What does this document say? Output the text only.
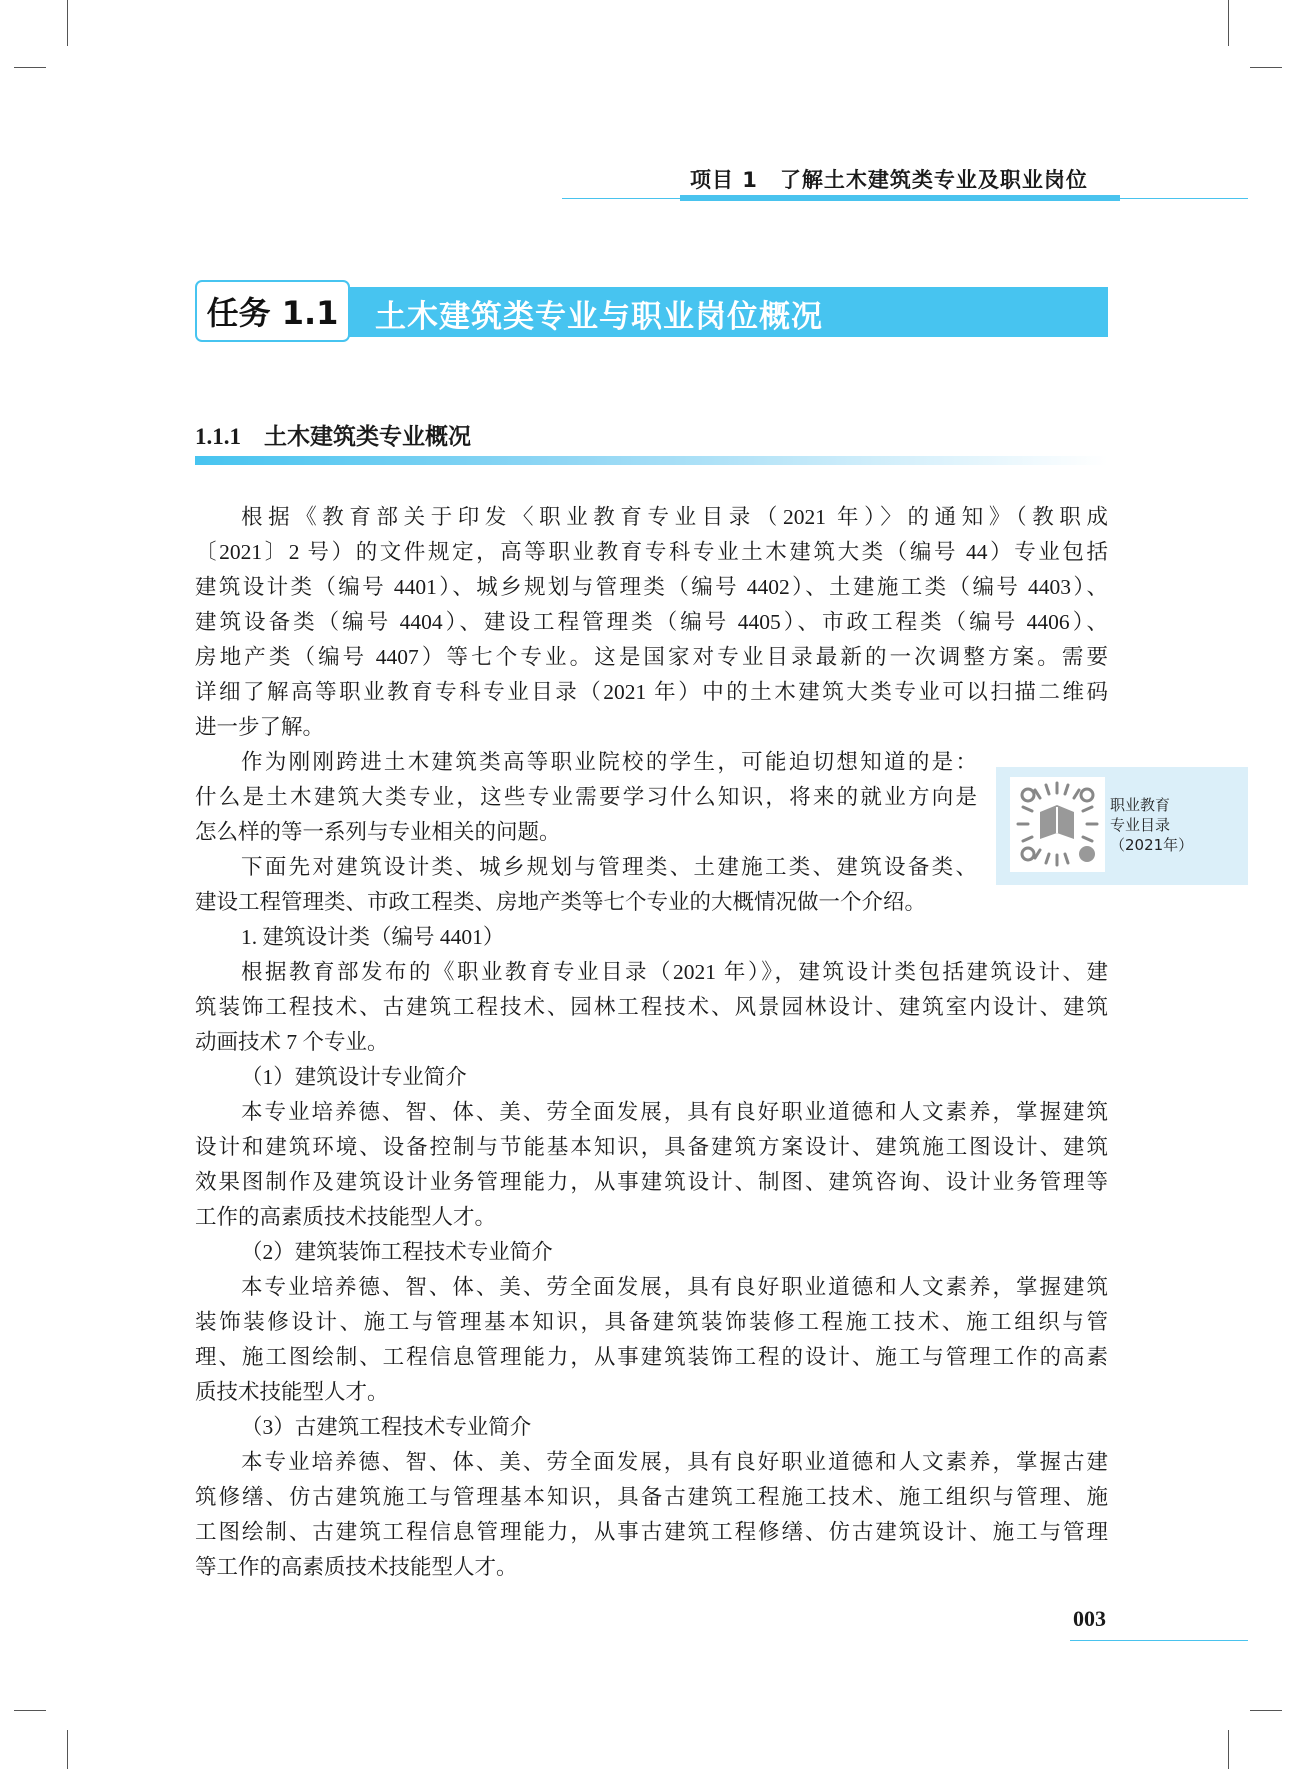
项目 1　了解土木建筑类专业及职业岗位
土木建筑类专业与职业岗位概况
任务 1.1
1.1.1　土木建筑类专业概况
根据《教育部关于印发〈职业教育专业目录（2021 年）〉的通知》（教职成
〔2021〕2 号）的文件规定，高等职业教育专科专业土木建筑大类（编号 44）专业包括
建筑设计类（编号 4401）、城乡规划与管理类（编号 4402）、土建施工类（编号 4403）、
建筑设备类（编号 4404）、建设工程管理类（编号 4405）、市政工程类（编号 4406）、
房地产类（编号 4407）等七个专业。这是国家对专业目录最新的一次调整方案。需要
详细了解高等职业教育专科专业目录（2021 年）中的土木建筑大类专业可以扫描二维码
进一步了解。
作为刚刚跨进土木建筑类高等职业院校的学生，可能迫切想知道的是：
什么是土木建筑大类专业，这些专业需要学习什么知识，将来的就业方向是
怎么样的等一系列与专业相关的问题。
下面先对建筑设计类、城乡规划与管理类、土建施工类、建筑设备类、
建设工程管理类、市政工程类、房地产类等七个专业的大概情况做一个介绍。
1. 建筑设计类（编号 4401）
根据教育部发布的《职业教育专业目录（2021 年）》，建筑设计类包括建筑设计、建
筑装饰工程技术、古建筑工程技术、园林工程技术、风景园林设计、建筑室内设计、建筑
动画技术 7 个专业。
（1）建筑设计专业简介
本专业培养德、智、体、美、劳全面发展，具有良好职业道德和人文素养，掌握建筑
设计和建筑环境、设备控制与节能基本知识，具备建筑方案设计、建筑施工图设计、建筑
效果图制作及建筑设计业务管理能力，从事建筑设计、制图、建筑咨询、设计业务管理等
工作的高素质技术技能型人才。
（2）建筑装饰工程技术专业简介
本专业培养德、智、体、美、劳全面发展，具有良好职业道德和人文素养，掌握建筑
装饰装修设计、施工与管理基本知识，具备建筑装饰装修工程施工技术、施工组织与管
理、施工图绘制、工程信息管理能力，从事建筑装饰工程的设计、施工与管理工作的高素
质技术技能型人才。
（3）古建筑工程技术专业简介
本专业培养德、智、体、美、劳全面发展，具有良好职业道德和人文素养，掌握古建
筑修缮、仿古建筑施工与管理基本知识，具备古建筑工程施工技术、施工组织与管理、施
工图绘制、古建筑工程信息管理能力，从事古建筑工程修缮、仿古建筑设计、施工与管理
等工作的高素质技术技能型人才。
职业教育
专业目录
（2021年）
003
